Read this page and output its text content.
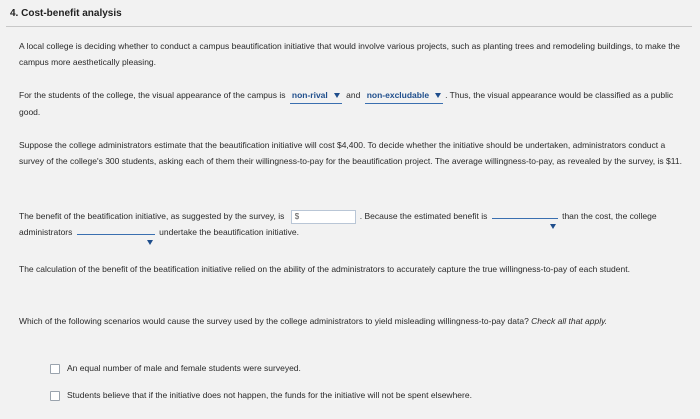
4. Cost-benefit analysis
A local college is deciding whether to conduct a campus beautification initiative that would involve various projects, such as planting trees and remodeling buildings, to make the campus more aesthetically pleasing.
For the students of the college, the visual appearance of the campus is non-rival and non-excludable . Thus, the visual appearance would be classified as a public good.
Suppose the college administrators estimate that the beautification initiative will cost $4,400. To decide whether the initiative should be undertaken, administrators conduct a survey of the college's 300 students, asking each of them their willingness-to-pay for the beautification project. The average willingness-to-pay, as revealed by the survey, is $11.
The benefit of the beatification initiative, as suggested by the survey, is $	. Because the estimated benefit is	than the cost, the college administrators	undertake the beautification initiative.
The calculation of the benefit of the beatification initiative relied on the ability of the administrators to accurately capture the true willingness-to-pay of each student.
Which of the following scenarios would cause the survey used by the college administrators to yield misleading willingness-to-pay data? Check all that apply.
An equal number of male and female students were surveyed.
Students believe that if the initiative does not happen, the funds for the initiative will not be spent elsewhere.
